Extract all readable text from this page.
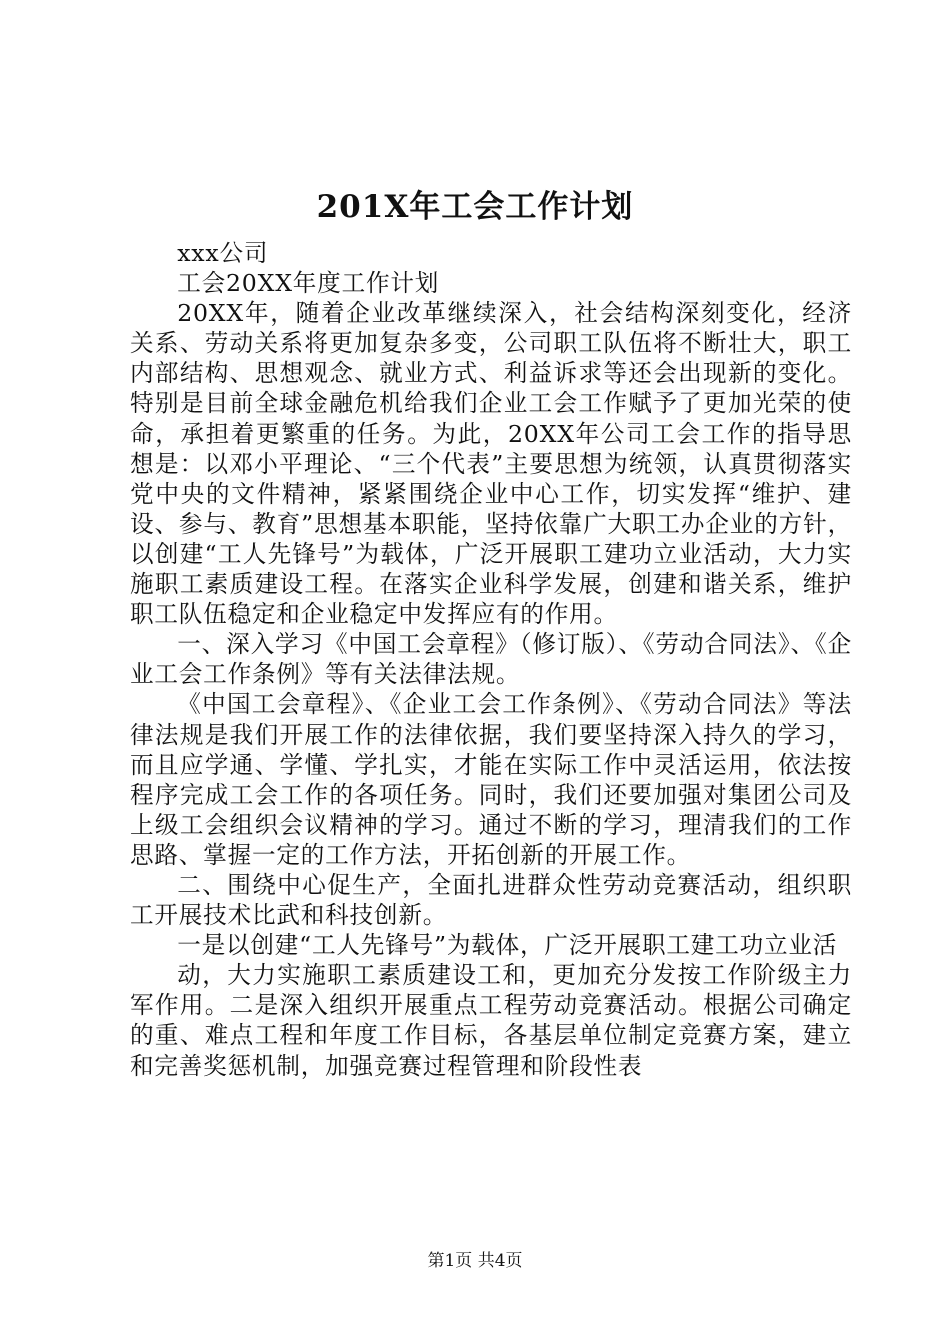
201X年工会工作计划

xxx公司

工会20XX年度工作计划

20XX年，随着企业改革继续深入，社会结构深刻变化，经济关系、劳动关系将更加复杂多变，公司职工队伍将不断壮大，职工内部结构、思想观念、就业方式、利益诉求等还会出现新的变化。特别是目前全球金融危机给我们企业工会工作赋予了更加光荣的使命，承担着更繁重的任务。为此，20XX年公司工会工作的指导思想是：以邓小平理论、“三个代表”主要思想为统领，认真贯彻落实党中央的文件精神，紧紧围绕企业中心工作，切实发挥“维护、建设、参与、教育”思想基本职能，坚持依靠广大职工办企业的方针，以创建“工人先锋号”为载体，广泛开展职工建功立业活动，大力实施职工素质建设工程。在落实企业科学发展，创建和谐关系，维护职工队伍稳定和企业稳定中发挥应有的作用。

一、深入学习《中国工会章程》（修订版）、《劳动合同法》、《企业工会工作条例》等有关法律法规。

《中国工会章程》、《企业工会工作条例》、《劳动合同法》等法律法规是我们开展工作的法律依据，我们要坚持深入持久的学习，而且应学通、学懂、学扎实，才能在实际工作中灵活运用，依法按程序完成工会工作的各项任务。同时，我们还要加强对集团公司及上级工会组织会议精神的学习。通过不断的学习，理清我们的工作思路、掌握一定的工作方法，开拓创新的开展工作。

二、围绕中心促生产，全面扎进群众性劳动竞赛活动，组织职工开展技术比武和科技创新。

一是以创建“工人先锋号”为载体，广泛开展职工建工功立业活

动，大力实施职工素质建设工和，更加充分发按工作阶级主力军作用。二是深入组织开展重点工程劳动竞赛活动。根据公司确定的重、难点工程和年度工作目标，各基层单位制定竞赛方案，建立和完善奖惩机制，加强竞赛过程管理和阶段性表

第1页 共4页
